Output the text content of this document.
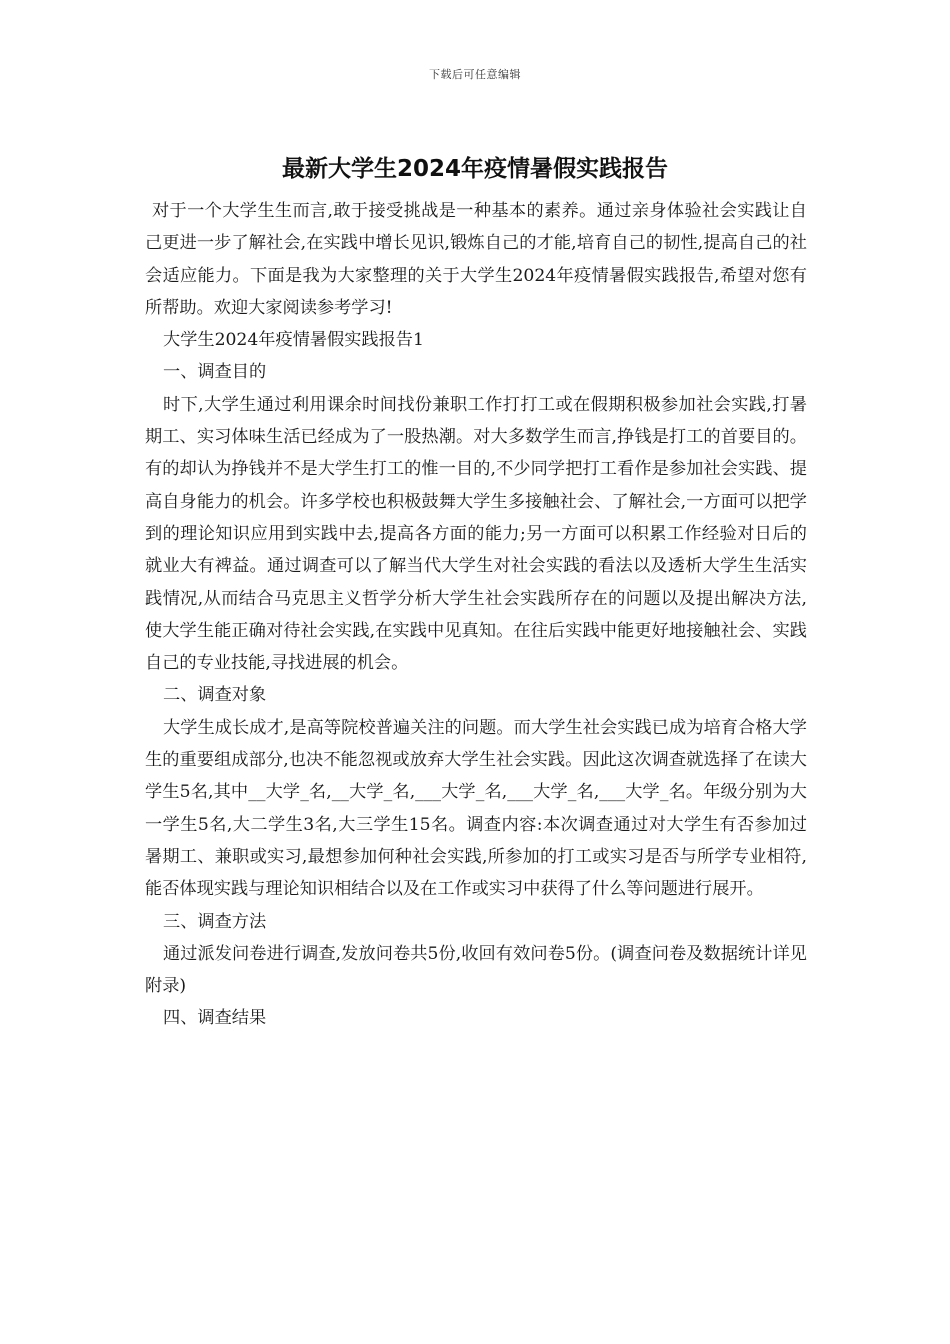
下载后可任意编辑
最新大学生2024年疫情暑假实践报告

对于一个大学生生而言,敢于接受挑战是一种基本的素养。通过亲身体验社会实践让自己更进一步了解社会,在实践中增长见识,锻炼自己的才能,培育自己的韧性,提高自己的社会适应能力。下面是我为大家整理的关于大学生2024年疫情暑假实践报告,希望对您有所帮助。欢迎大家阅读参考学习!

大学生2024年疫情暑假实践报告1

一、调查目的

时下,大学生通过利用课余时间找份兼职工作打打工或在假期积极参加社会实践,打暑期工、实习体味生活已经成为了一股热潮。对大多数学生而言,挣钱是打工的首要目的。有的却认为挣钱并不是大学生打工的惟一目的,不少同学把打工看作是参加社会实践、提高自身能力的机会。许多学校也积极鼓舞大学生多接触社会、了解社会,一方面可以把学到的理论知识应用到实践中去,提高各方面的能力;另一方面可以积累工作经验对日后的就业大有裨益。通过调查可以了解当代大学生对社会实践的看法以及透析大学生生活实践情况,从而结合马克思主义哲学分析大学生社会实践所存在的问题以及提出解决方法,使大学生能正确对待社会实践,在实践中见真知。在往后实践中能更好地接触社会、实践自己的专业技能,寻找进展的机会。

二、调查对象

大学生成长成才,是高等院校普遍关注的问题。而大学生社会实践已成为培育合格大学生的重要组成部分,也决不能忽视或放弃大学生社会实践。因此这次调查就选择了在读大学生5名,其中__大学_名,__大学_名,___大学_名,___大学_名,___大学_名。年级分别为大一学生5名,大二学生3名,大三学生15名。调查内容:本次调查通过对大学生有否参加过暑期工、兼职或实习,最想参加何种社会实践,所参加的打工或实习是否与所学专业相符,能否体现实践与理论知识相结合以及在工作或实习中获得了什么等问题进行展开。

三、调查方法

通过派发问卷进行调查,发放问卷共5份,收回有效问卷5份。(调查问卷及数据统计详见附录)

四、调查结果
